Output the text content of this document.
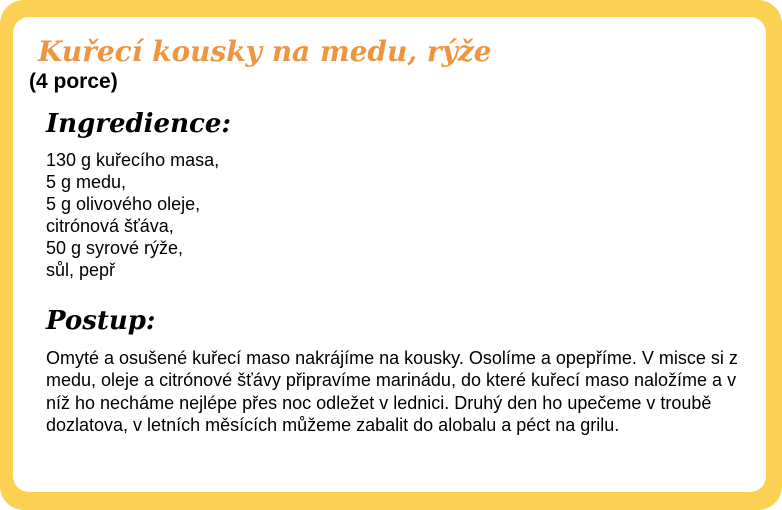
Kuřecí kousky na medu, rýže
(4 porce)
Ingredience:
130 g kuřecího masa,
5 g medu,
5 g olivového oleje,
citrónová šťáva,
50 g syrové rýže,
sůl, pepř
Postup:
Omyté a osušené kuřecí maso nakrájíme na kousky. Osolíme a opepříme. V misce si z medu, oleje a citrónové šťávy připravíme marinádu, do které kuřecí maso naložíme a v níž ho necháme nejlépe přes noc odležet v lednici. Druhý den ho upečeme v troubě dozlatova, v letních měsících můžeme zabalit do alobalu a péct na grilu.
